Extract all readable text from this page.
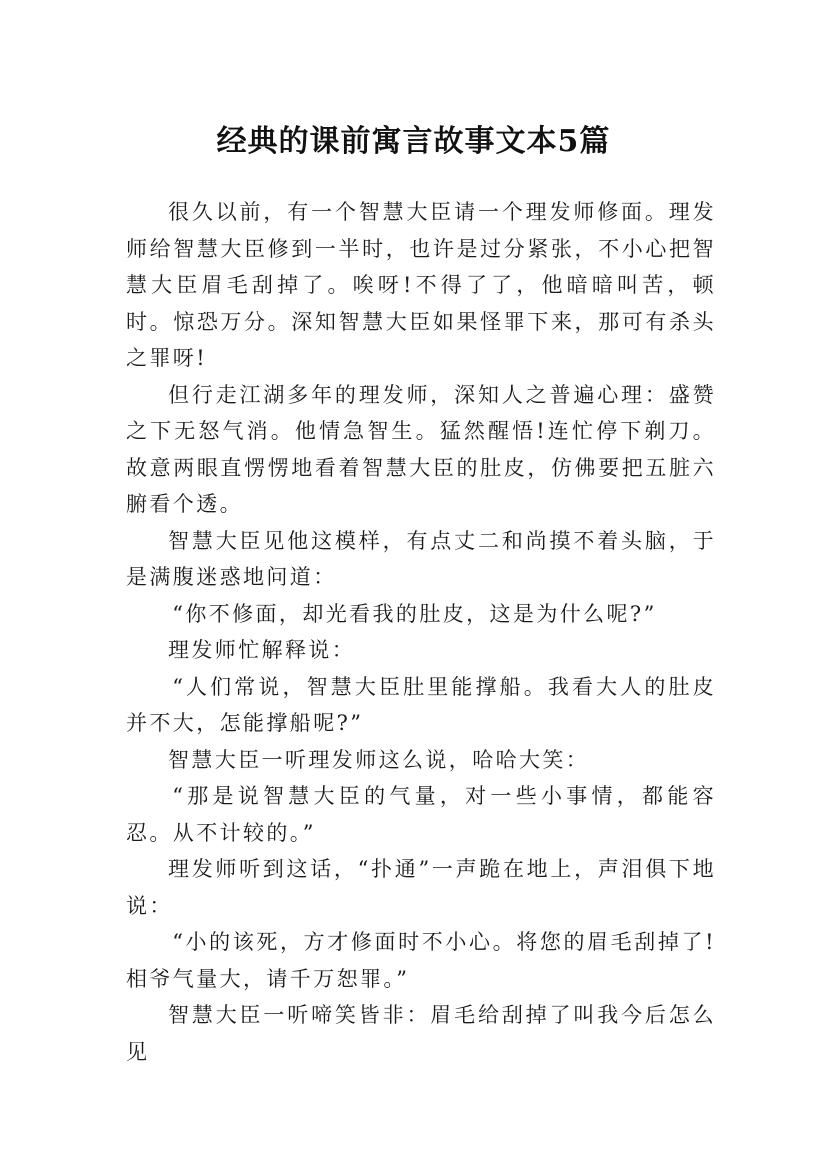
经典的课前寓言故事文本5篇

很久以前，有一个智慧大臣请一个理发师修面。理发师给智慧大臣修到一半时，也许是过分紧张，不小心把智慧大臣眉毛刮掉了。唉呀!不得了了，他暗暗叫苦，顿时。惊恐万分。深知智慧大臣如果怪罪下来，那可有杀头之罪呀!

但行走江湖多年的理发师，深知人之普遍心理：盛赞之下无怒气消。他情急智生。猛然醒悟!连忙停下剃刀。故意两眼直愣愣地看着智慧大臣的肚皮，仿佛要把五脏六腑看个透。

智慧大臣见他这模样，有点丈二和尚摸不着头脑，于是满腹迷惑地问道：

“你不修面，却光看我的肚皮，这是为什么呢?”

理发师忙解释说：

“人们常说，智慧大臣肚里能撑船。我看大人的肚皮并不大，怎能撑船呢?”

智慧大臣一听理发师这么说，哈哈大笑：

“那是说智慧大臣的气量，对一些小事情，都能容忍。从不计较的。”

理发师听到这话，“扑通”一声跪在地上，声泪俱下地说：

“小的该死，方才修面时不小心。将您的眉毛刮掉了!相爷气量大，请千万恕罪。”

智慧大臣一听啼笑皆非：眉毛给刮掉了叫我今后怎么见
